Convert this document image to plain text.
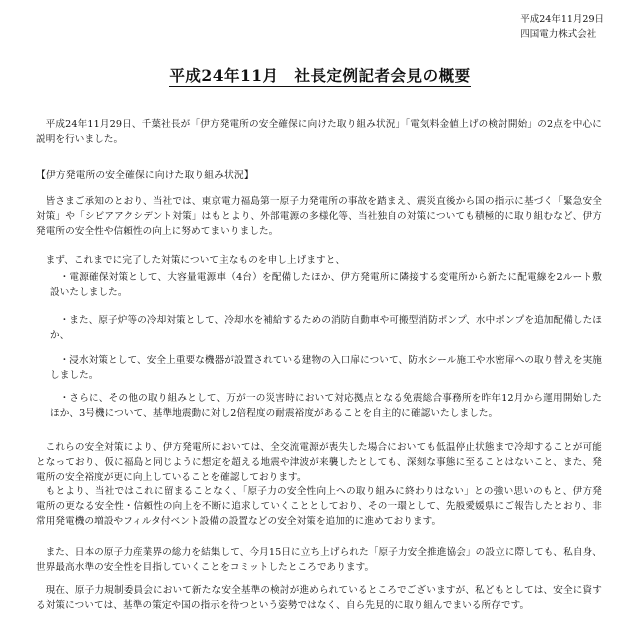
平成24年11月29日
四国電力株式会社
平成24年11月　社長定例記者会見の概要
平成24年11月29日、千葉社長が「伊方発電所の安全確保に向けた取り組み状況」「電気料金値上げの検討開始」の2点を中心に説明を行いました。
【伊方発電所の安全確保に向けた取り組み状況】
皆さまご承知のとおり、当社では、東京電力福島第一原子力発電所の事故を踏まえ、震災直後から国の指示に基づく「緊急安全対策」や「シビアアクシデント対策」はもとより、外部電源の多様化等、当社独自の対策についても積極的に取り組むなど、伊方発電所の安全性や信頼性の向上に努めてまいりました。
まず、これまでに完了した対策について主なものを申し上げますと、
・電源確保対策として、大容量電源車（4台）を配備したほか、伊方発電所に隣接する変電所から新たに配電線を2ルート敷設いたしました。
・また、原子炉等の冷却対策として、冷却水を補給するための消防自動車や可搬型消防ポンプ、水中ポンプを追加配備したほか、
・浸水対策として、安全上重要な機器が設置されている建物の入口扉について、防水シール施工や水密扉への取り替えを実施しました。
・さらに、その他の取り組みとして、万が一の災害時において対応拠点となる免震総合事務所を昨年12月から運用開始したほか、3号機について、基準地震動に対し2倍程度の耐震裕度があることを自主的に確認いたしました。
これらの安全対策により、伊方発電所においては、全交流電源が喪失した場合においても低温停止状態まで冷却することが可能となっており、仮に福島と同じように想定を超える地震や津波が来襲したとしても、深刻な事態に至ることはないこと、また、発電所の安全裕度が更に向上していることを確認しております。
もとより、当社ではこれに留まることなく、「原子力の安全性向上への取り組みに終わりはない」との強い思いのもと、伊方発電所の更なる安全性・信頼性の向上を不断に追求していくこととしており、その一環として、先般愛媛県にご報告したとおり、非常用発電機の増設やフィルタ付ベント設備の設置などの安全対策を追加的に進めております。
また、日本の原子力産業界の総力を結集して、今月15日に立ち上げられた「原子力安全推進協会」の設立に際しても、私自身、世界最高水準の安全性を目指していくことをコミットしたところであります。
現在、原子力規制委員会において新たな安全基準の検討が進められているところでございますが、私どもとしては、安全に資する対策については、基準の策定や国の指示を待つという姿勢ではなく、自ら先見的に取り組んでまいる所存です。
